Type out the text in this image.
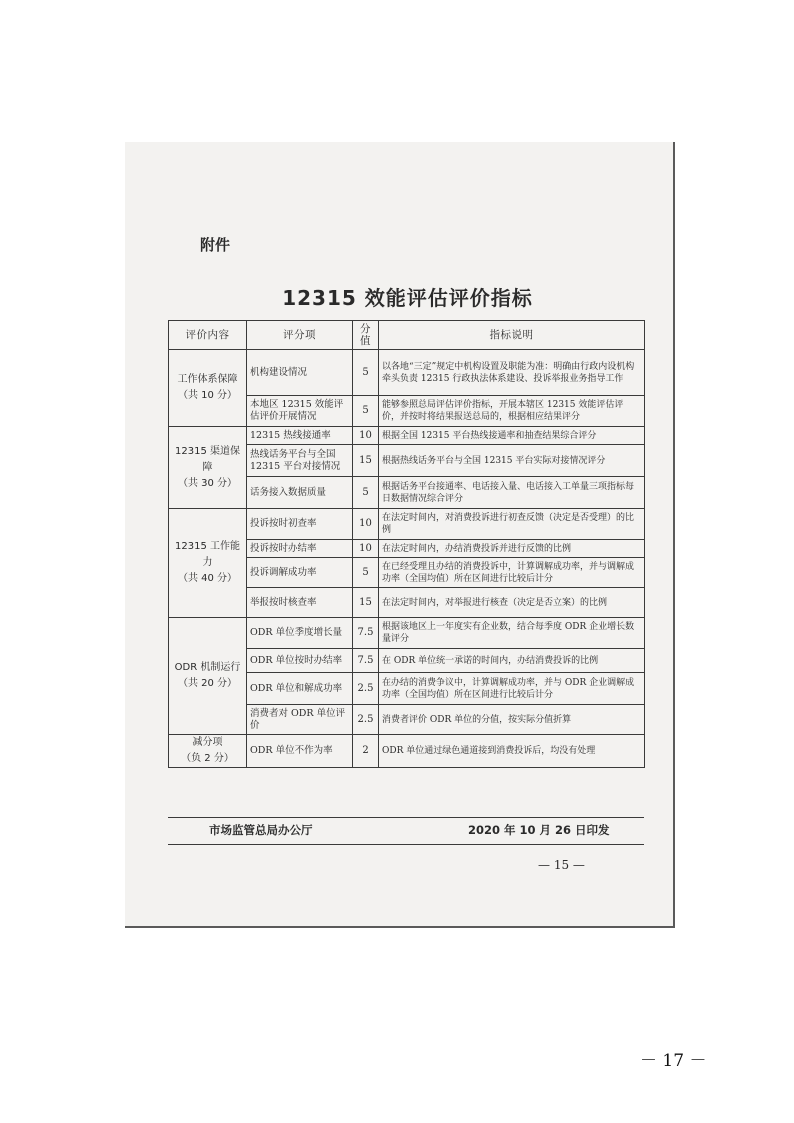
附件
12315 效能评估评价指标
评价内容	评分项	分值	指标说明

工作体系保障
（共 10 分）	机构建设情况	5	以各地“三定”规定中机构设置及职能为准：明确由行政内设机构牵头负责 12315 行政执法体系建设、投诉举报业务指导工作
	本地区 12315 效能评估评价开展情况	5	能够参照总局评估评价指标，开展本辖区 12315 效能评估评价，并按时将结果报送总局的，根据相应结果评分

12315 渠道保障
（共 30 分）	12315 热线接通率	10	根据全国 12315 平台热线接通率和抽查结果综合评分
	热线话务平台与全国 12315 平台对接情况	15	根据热线话务平台与全国 12315 平台实际对接情况评分
	话务接入数据质量	5	根据话务平台接通率、电话接入量、电话接入工单量三项指标每日数据情况综合评分

12315 工作能力
（共 40 分）	投诉按时初查率	10	在法定时间内，对消费投诉进行初查反馈（决定是否受理）的比例
	投诉按时办结率	10	在法定时间内，办结消费投诉并进行反馈的比例
	投诉调解成功率	5	在已经受理且办结的消费投诉中，计算调解成功率，并与调解成功率（全国均值）所在区间进行比较后计分
	举报按时核查率	15	在法定时间内，对举报进行核查（决定是否立案）的比例

ODR 机制运行
（共 20 分）	ODR 单位季度增长量	7.5	根据该地区上一年度实有企业数，结合每季度 ODR 企业增长数量评分
	ODR 单位按时办结率	7.5	在 ODR 单位统一承诺的时间内，办结消费投诉的比例
	ODR 单位和解成功率	2.5	在办结的消费争议中，计算调解成功率，并与 ODR 企业调解成功率（全国均值）所在区间进行比较后计分
	消费者对 ODR 单位评价	2.5	消费者评价 ODR 单位的分值，按实际分值折算

减分项
（负 2 分）	ODR 单位不作为率	2	ODR 单位通过绿色通道接到消费投诉后，均没有处理
市场监管总局办公厅	2020 年 10 月 26 日印发
— 15 —
－ 17 －
